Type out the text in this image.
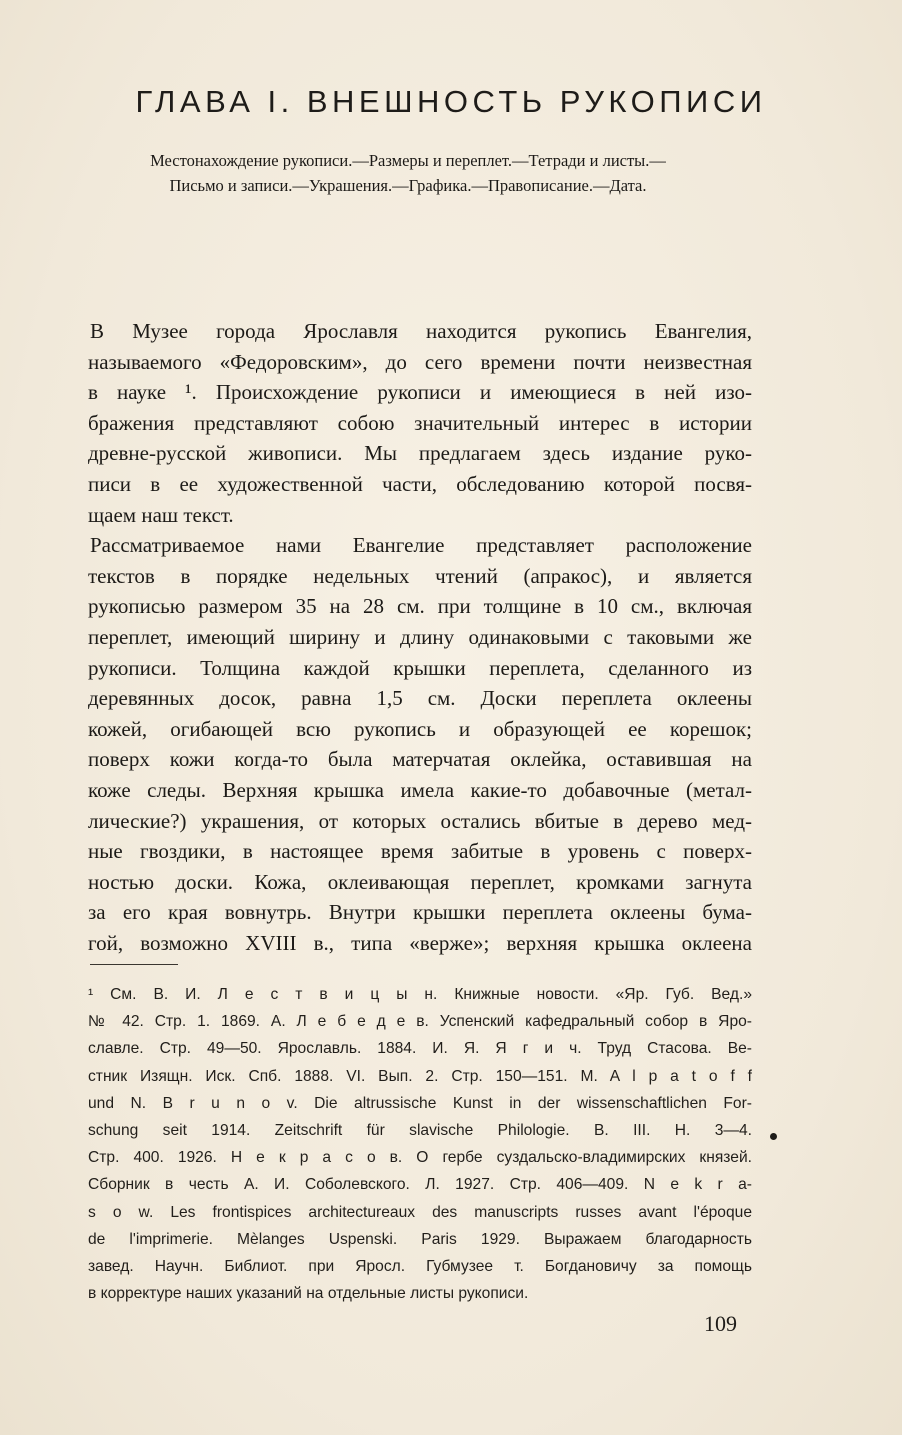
ГЛАВА I. ВНЕШНОСТЬ РУКОПИСИ

Местонахождение рукописи.—Размеры и переплет.—Тетради и листы.—
Письмо и записи.—Украшения.—Графика.—Правописание.—Дата.

В Музее города Ярославля находится рукопись Евангелия,
называемого «Федоровским», до сего времени почти неизвестная
в науке ¹. Происхождение рукописи и имеющиеся в ней изо-
бражения представляют собою значительный интерес в истории
древне-русской живописи. Мы предлагаем здесь издание руко-
писи в ее художественной части, обследованию которой посвя-
щаем наш текст.
Рассматриваемое нами Евангелие представляет расположение
текстов в порядке недельных чтений (апракос), и является
рукописью размером 35 на 28 см. при толщине в 10 см., включая
переплет, имеющий ширину и длину одинаковыми с таковыми же
рукописи. Толщина каждой крышки переплета, сделанного из
деревянных досок, равна 1,5 см. Доски переплета оклеены
кожей, огибающей всю рукопись и образующей ее корешок;
поверх кожи когда-то была матерчатая оклейка, оставившая на
коже следы. Верхняя крышка имела какие-то добавочные (метал-
лические?) украшения, от которых остались вбитые в дерево мед-
ные гвоздики, в настоящее время забитые в уровень с поверх-
ностью доски. Кожа, оклеивающая переплет, кромками загнута
за его края вовнутрь. Внутри крышки переплета оклеены бума-
гой, возможно XVIII в., типа «верже»; верхняя крышка оклеена

¹ См. В. И. Л е с т в и ц ы н. Книжные новости. «Яр. Губ. Вед.»
№ 42. Стр. 1. 1869. А. Л е б е д е в. Успенский кафедральный собор в Яро-
славле. Стр. 49—50. Ярославль. 1884. И. Я. Я г и ч. Труд Стасова. Ве-
стник Изящн. Иск. Спб. 1888. VI. Вып. 2. Стр. 150—151. M. A l p a t o f f
und N. B r u n o v. Die altrussische Kunst in der wissenschaftlichen For-
schung seit 1914. Zeitschrift für slavische Philologie. B. III. H. 3—4.
Стр. 400. 1926. Н е к р а с о в. О гербе суздальско-владимирских князей.
Сборник в честь А. И. Соболевского. Л. 1927. Стр. 406—409. N e k r a-
s o w. Les frontispices architectureaux des manuscripts russes avant l'époque
de l'imprimerie. Mèlanges Uspenski. Paris 1929. Выражаем благодарность
завед. Научн. Библиот. при Яросл. Губмузее т. Богдановичу за помощь
в корректуре наших указаний на отдельные листы рукописи.

109
